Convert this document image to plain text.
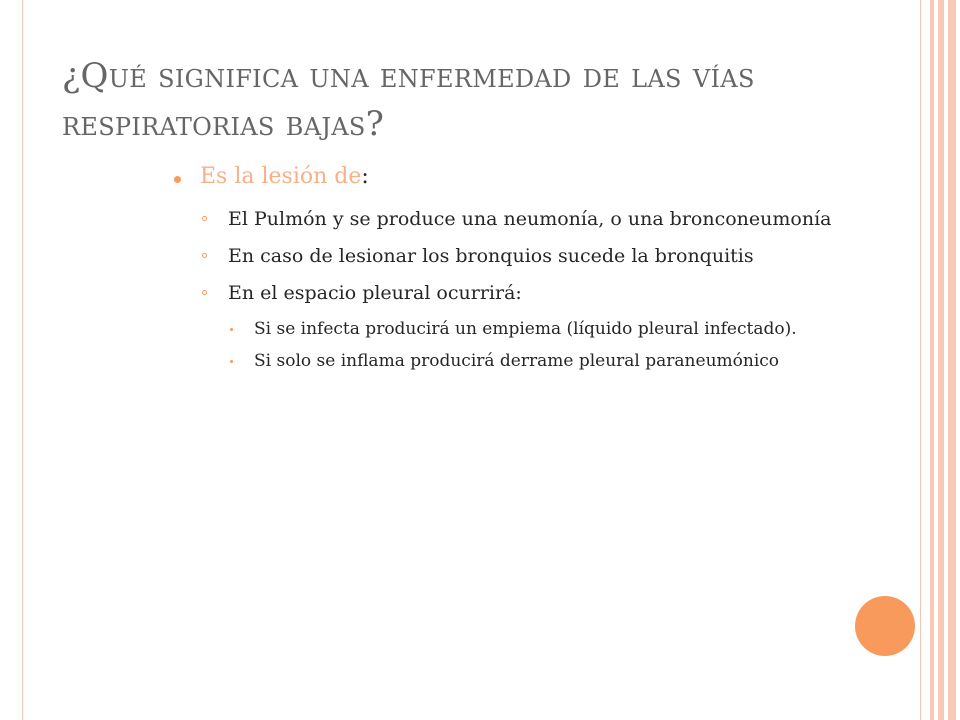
¿Qué significa una enfermedad de las vías respiratorias bajas?
Es la lesión de:
El Pulmón y se produce una neumonía, o una bronconeumonía
En caso de lesionar los bronquios sucede la bronquitis
En el espacio pleural ocurrirá:
Si se infecta producirá un empiema (líquido pleural infectado).
Si solo se inflama producirá derrame pleural paraneumónico
